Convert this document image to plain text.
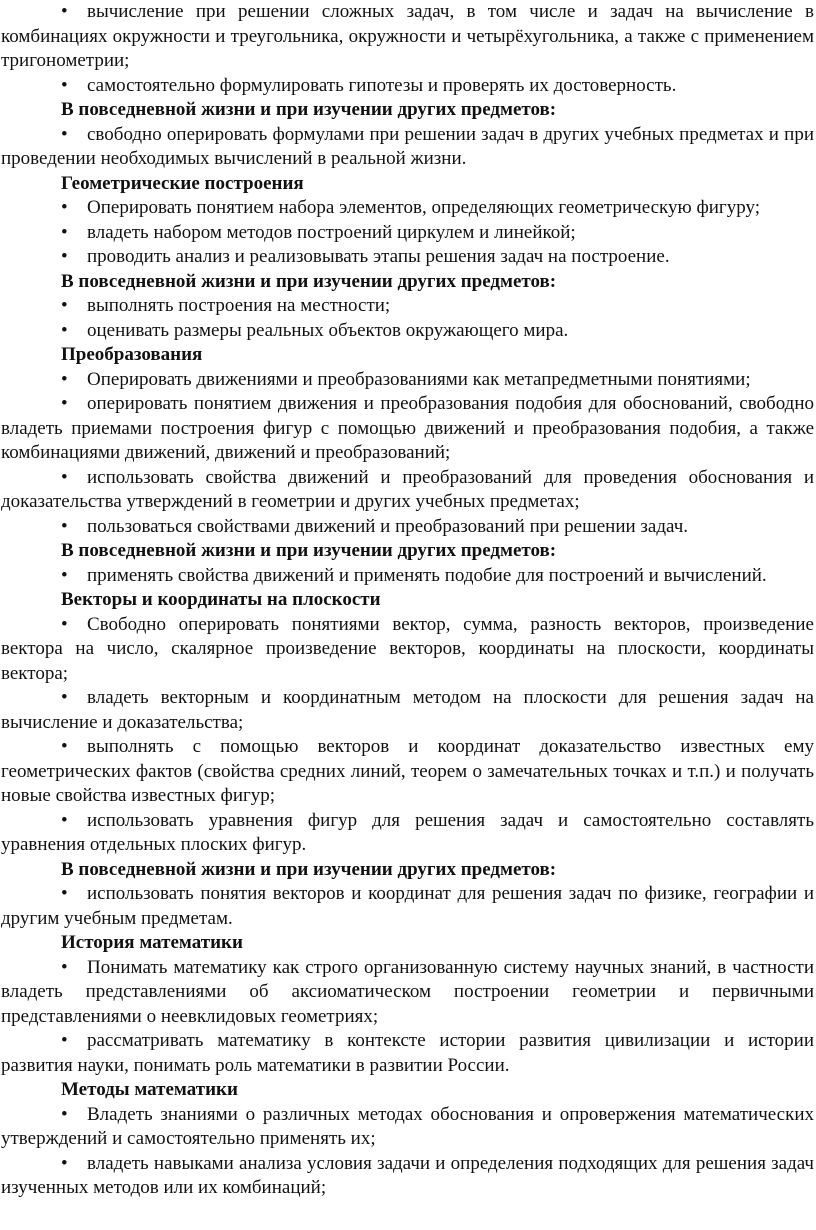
• вычисление при решении сложных задач, в том числе и задач на вычисление в комбинациях окружности и треугольника, окружности и четырёхугольника, а также с применением тригонометрии;

• самостоятельно формулировать гипотезы и проверять их достоверность.

В повседневной жизни и при изучении других предметов:

• свободно оперировать формулами при решении задач в других учебных предметах и при проведении необходимых вычислений в реальной жизни.

Геометрические построения

• Оперировать понятием набора элементов, определяющих геометрическую фигуру;

• владеть набором методов построений циркулем и линейкой;

• проводить анализ и реализовывать этапы решения задач на построение.

В повседневной жизни и при изучении других предметов:

• выполнять построения на местности;

• оценивать размеры реальных объектов окружающего мира.

Преобразования

• Оперировать движениями и преобразованиями как метапредметными понятиями;

• оперировать понятием движения и преобразования подобия для обоснований, свободно владеть приемами построения фигур с помощью движений и преобразования подобия, а также комбинациями движений, движений и преобразований;

• использовать свойства движений и преобразований для проведения обоснования и доказательства утверждений в геометрии и других учебных предметах;

• пользоваться свойствами движений и преобразований при решении задач.

В повседневной жизни и при изучении других предметов:

• применять свойства движений и применять подобие для построений и вычислений.

Векторы и координаты на плоскости

• Свободно оперировать понятиями вектор, сумма, разность векторов, произведение вектора на число, скалярное произведение векторов, координаты на плоскости, координаты вектора;

• владеть векторным и координатным методом на плоскости для решения задач на вычисление и доказательства;

• выполнять с помощью векторов и координат доказательство известных ему геометрических фактов (свойства средних линий, теорем о замечательных точках и т.п.) и получать новые свойства известных фигур;

• использовать уравнения фигур для решения задач и самостоятельно составлять уравнения отдельных плоских фигур.

В повседневной жизни и при изучении других предметов:

• использовать понятия векторов и координат для решения задач по физике, географии и другим учебным предметам.

История математики

• Понимать математику как строго организованную систему научных знаний, в частности владеть представлениями об аксиоматическом построении геометрии и первичными представлениями о неевклидовых геометриях;

• рассматривать математику в контексте истории развития цивилизации и истории развития науки, понимать роль математики в развитии России.

Методы математики

• Владеть знаниями о различных методах обоснования и опровержения математических утверждений и самостоятельно применять их;

• владеть навыками анализа условия задачи и определения подходящих для решения задач изученных методов или их комбинаций;
